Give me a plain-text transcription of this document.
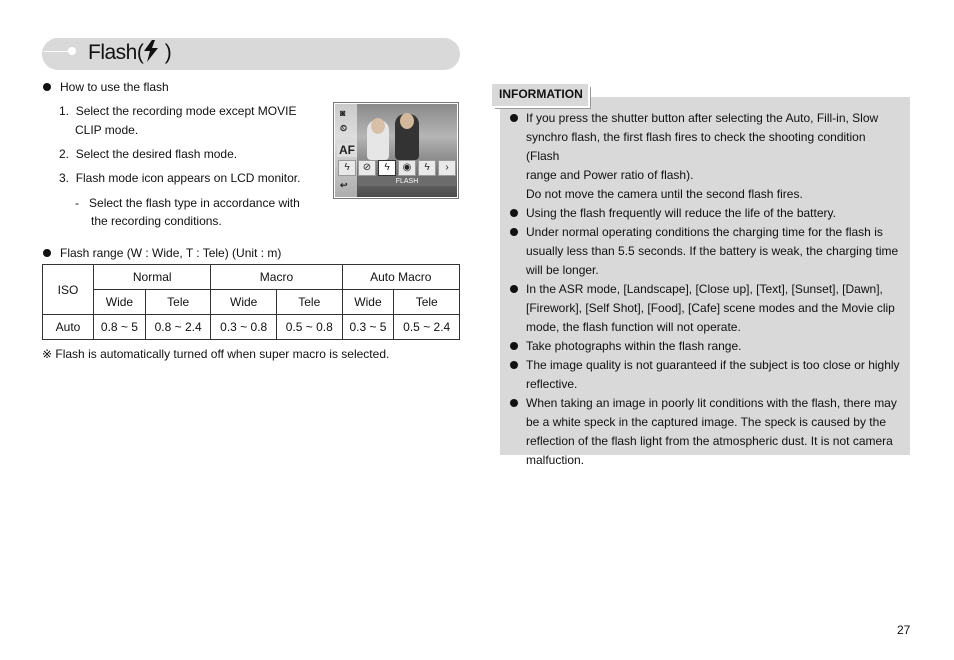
Flash( )
How to use the flash
1. Select the recording mode except MOVIE
CLIP mode.
2. Select the desired flash mode.
3. Flash mode icon appears on LCD monitor.
- Select the flash type in accordance with
the recording conditions.
◙
⏲
AF
ϟ	⊘	ϟ	◉	ϟ	›
↩	FLASH
Flash range (W : Wide, T : Tele) (Unit : m)
ISO	Normal		Macro		Auto Macro	
	Wide	Tele	Wide	Tele	Wide	Tele
Auto	0.8 ~ 5	0.8 ~ 2.4	0.3 ~ 0.8	0.5 ~ 0.8	0.3 ~ 5	0.5 ~ 2.4
※ Flash is automatically turned off when super macro is selected.
INFORMATION
If you press the shutter button after selecting the Auto, Fill-in, Slow
synchro flash, the first flash fires to check the shooting condition (Flash
range and Power ratio of flash).
Do not move the camera until the second flash fires.
Using the flash frequently will reduce the life of the battery.
Under normal operating conditions the charging time for the flash is
usually less than 5.5 seconds. If the battery is weak, the charging time
will be longer.
In the ASR mode, [Landscape], [Close up], [Text], [Sunset], [Dawn],
[Firework], [Self Shot], [Food], [Cafe] scene modes and the Movie clip
mode, the flash function will not operate.
Take photographs within the flash range.
The image quality is not guaranteed if the subject is too close or highly
reflective.
When taking an image in poorly lit conditions with the flash, there may
be a white speck in the captured image. The speck is caused by the
reflection of the flash light from the atmospheric dust. It is not camera
malfuction.
27
